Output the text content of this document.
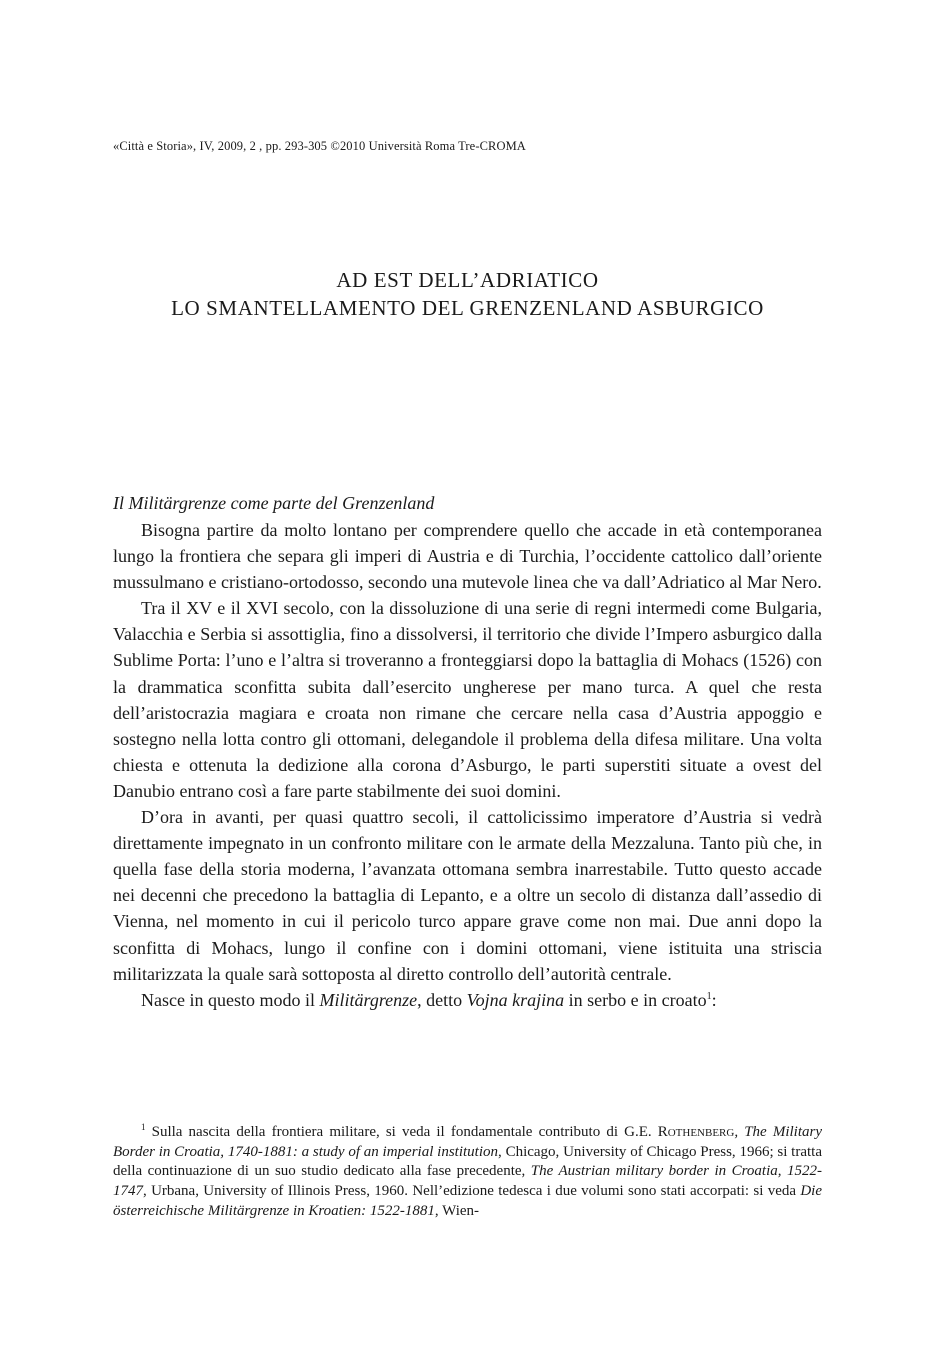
«Città e Storia», IV, 2009, 2 , pp. 293-305 ©2010 Università Roma Tre-CROMA
AD EST DELL’ADRIATICO
LO SMANTELLAMENTO DEL GRENZENLAND ASBURGICO
Il Militärgrenze come parte del Grenzenland

Bisogna partire da molto lontano per comprendere quello che accade in età contemporanea lungo la frontiera che separa gli imperi di Austria e di Turchia, l’occidente cattolico dall’oriente mussulmano e cristiano-ortodosso, secondo una mutevole linea che va dall’Adriatico al Mar Nero.

Tra il XV e il XVI secolo, con la dissoluzione di una serie di regni intermedi come Bulgaria, Valacchia e Serbia si assottiglia, fino a dissolversi, il territorio che divide l’Impero asburgico dalla Sublime Porta: l’uno e l’altra si troveranno a fronteggiarsi dopo la battaglia di Mohacs (1526) con la drammatica sconfitta subita dall’esercito ungherese per mano turca. A quel che resta dell’aristocrazia magiara e croata non rimane che cercare nella casa d’Austria appoggio e sostegno nella lotta contro gli ottomani, delegandole il problema della difesa militare. Una volta chiesta e ottenuta la dedizione alla corona d’Asburgo, le parti superstiti situate a ovest del Danubio entrano così a fare parte stabilmente dei suoi domini.

D’ora in avanti, per quasi quattro secoli, il cattolicissimo imperatore d’Austria si vedrà direttamente impegnato in un confronto militare con le armate della Mezzaluna. Tanto più che, in quella fase della storia moderna, l’avanzata ottomana sembra inarrestabile. Tutto questo accade nei decenni che precedono la battaglia di Lepanto, e a oltre un secolo di distanza dall’assedio di Vienna, nel momento in cui il pericolo turco appare grave come non mai. Due anni dopo la sconfitta di Mohacs, lungo il confine con i domini ottomani, viene istituita una striscia militarizzata la quale sarà sottoposta al diretto controllo dell’autorità centrale.

Nasce in questo modo il Militärgrenze, detto Vojna krajina in serbo e in croato$^1$:

$^1$ Sulla nascita della frontiera militare, si veda il fondamentale contributo di G.E. Rothenberg, The Military Border in Croatia, 1740-1881: a study of an imperial institution, Chicago, University of Chicago Press, 1966; si tratta della continuazione di un suo studio dedicato alla fase precedente, The Austrian military border in Croatia, 1522-1747, Urbana, University of Illinois Press, 1960. Nell’edizione tedesca i due volumi sono stati accorpati: si veda Die österreichische Militärgrenze in Kroatien: 1522-1881, Wien-
